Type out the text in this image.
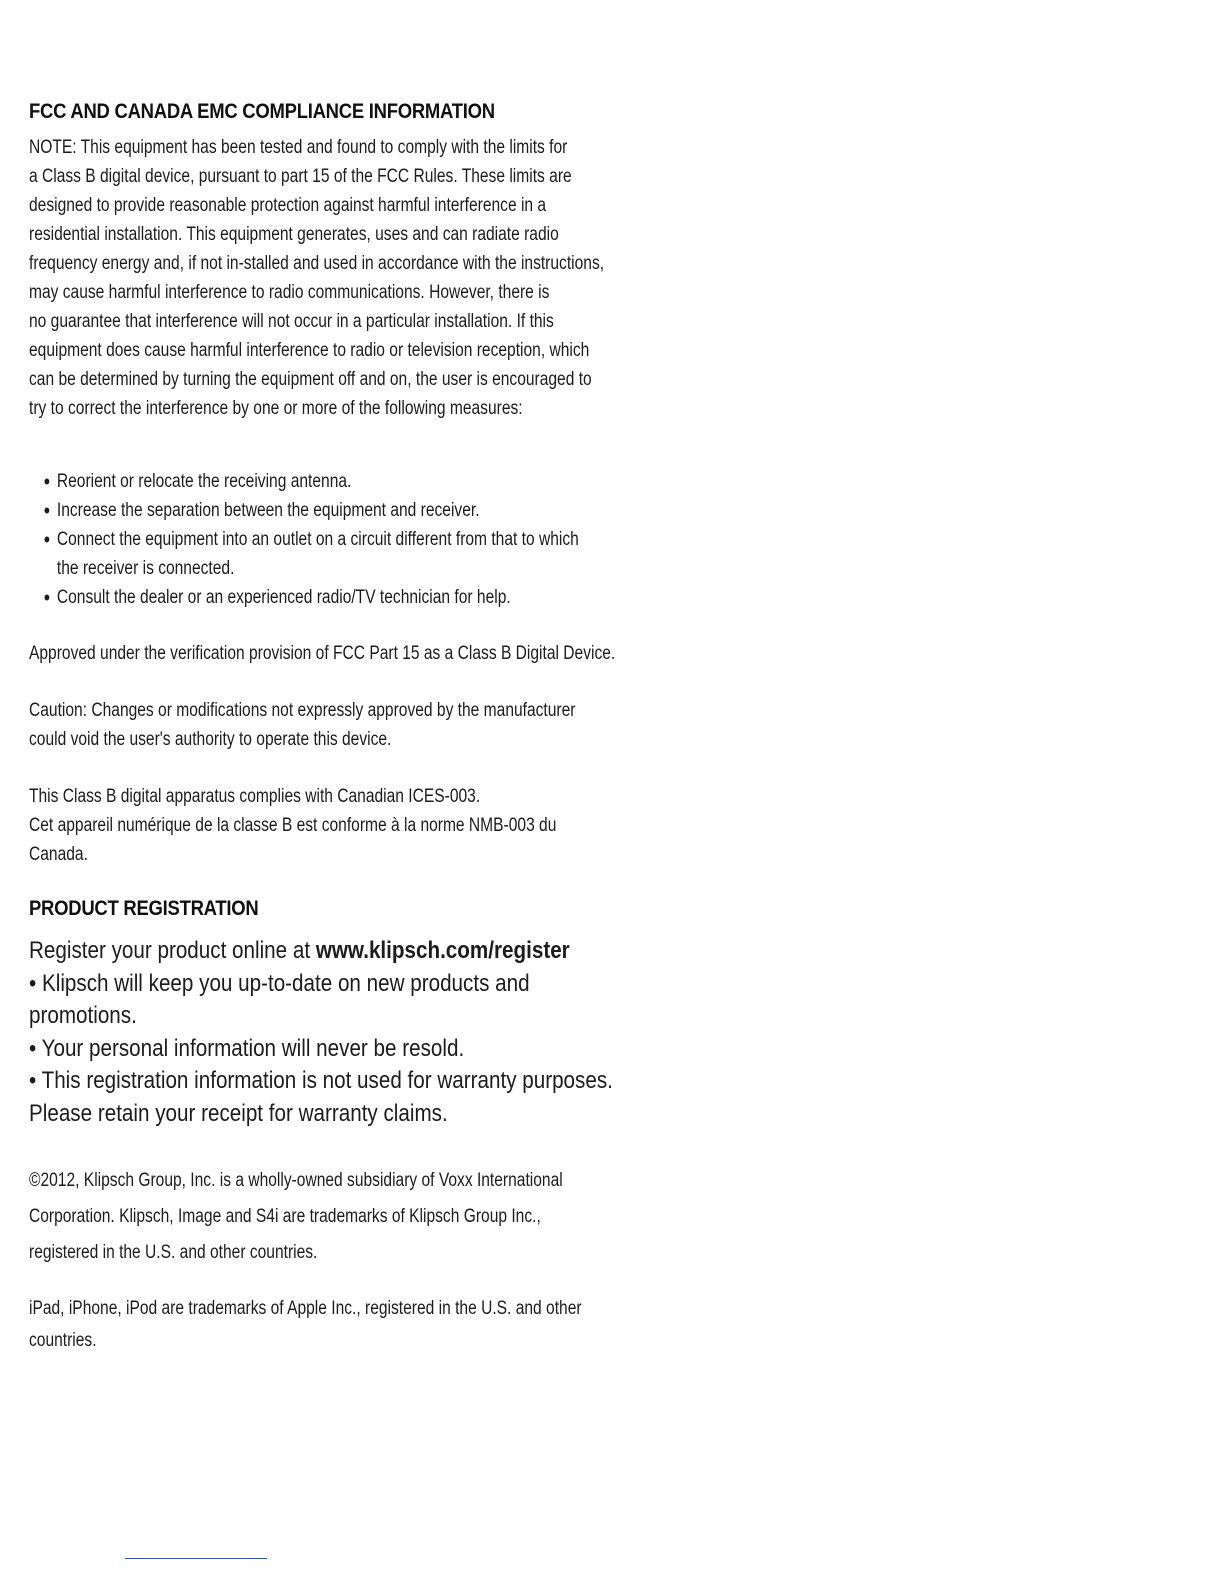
FCC AND CANADA EMC COMPLIANCE INFORMATION

NOTE: This equipment has been tested and found to comply with the limits for
a Class B digital device, pursuant to part 15 of the FCC Rules. These limits are
designed to provide reasonable protection against harmful interference in a
residential installation. This equipment generates, uses and can radiate radio
frequency energy and, if not in-stalled and used in accordance with the instructions,
may cause harmful interference to radio communications. However, there is
no guarantee that interference will not occur in a particular installation. If this
equipment does cause harmful interference to radio or television reception, which
can be determined by turning the equipment off and on, the user is encouraged to
try to correct the interference by one or more of the following measures:

• Reorient or relocate the receiving antenna.
• Increase the separation between the equipment and receiver.
• Connect the equipment into an outlet on a circuit different from that to which
the receiver is connected.
• Consult the dealer or an experienced radio/TV technician for help.

Approved under the verification provision of FCC Part 15 as a Class B Digital Device.

Caution: Changes or modifications not expressly approved by the manufacturer
could void the user's authority to operate this device.

This Class B digital apparatus complies with Canadian ICES-003.
Cet appareil numérique de la classe B est conforme à la norme NMB-003 du
Canada.

PRODUCT REGISTRATION

Register your product online at www.klipsch.com/register
• Klipsch will keep you up-to-date on new products and
promotions.
• Your personal information will never be resold.
• This registration information is not used for warranty purposes.
Please retain your receipt for warranty claims.

©2012, Klipsch Group, Inc. is a wholly-owned subsidiary of Voxx International
Corporation. Klipsch, Image and S4i are trademarks of Klipsch Group Inc.,
registered in the U.S. and other countries.

iPad, iPhone, iPod are trademarks of Apple Inc., registered in the U.S. and other
countries.
